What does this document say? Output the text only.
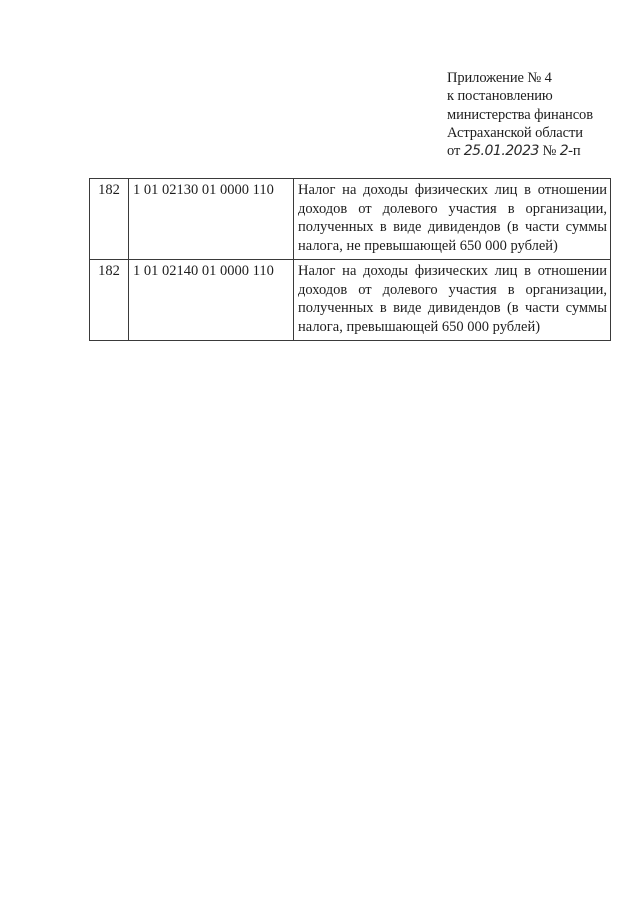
Приложение № 4
к постановлению
министерства финансов
Астраханской области
от 25.01.2023 № 2-п
182	1 01 02130 01 0000 110	Налог на доходы физических лиц в отношении доходов от долевого участия в организации, полученных в виде дивидендов (в части суммы налога, не превышающей 650 000 рублей)
182	1 01 02140 01 0000 110	Налог на доходы физических лиц в отношении доходов от долевого участия в организации, полученных в виде дивидендов (в части суммы налога, превышающей 650 000 рублей)
